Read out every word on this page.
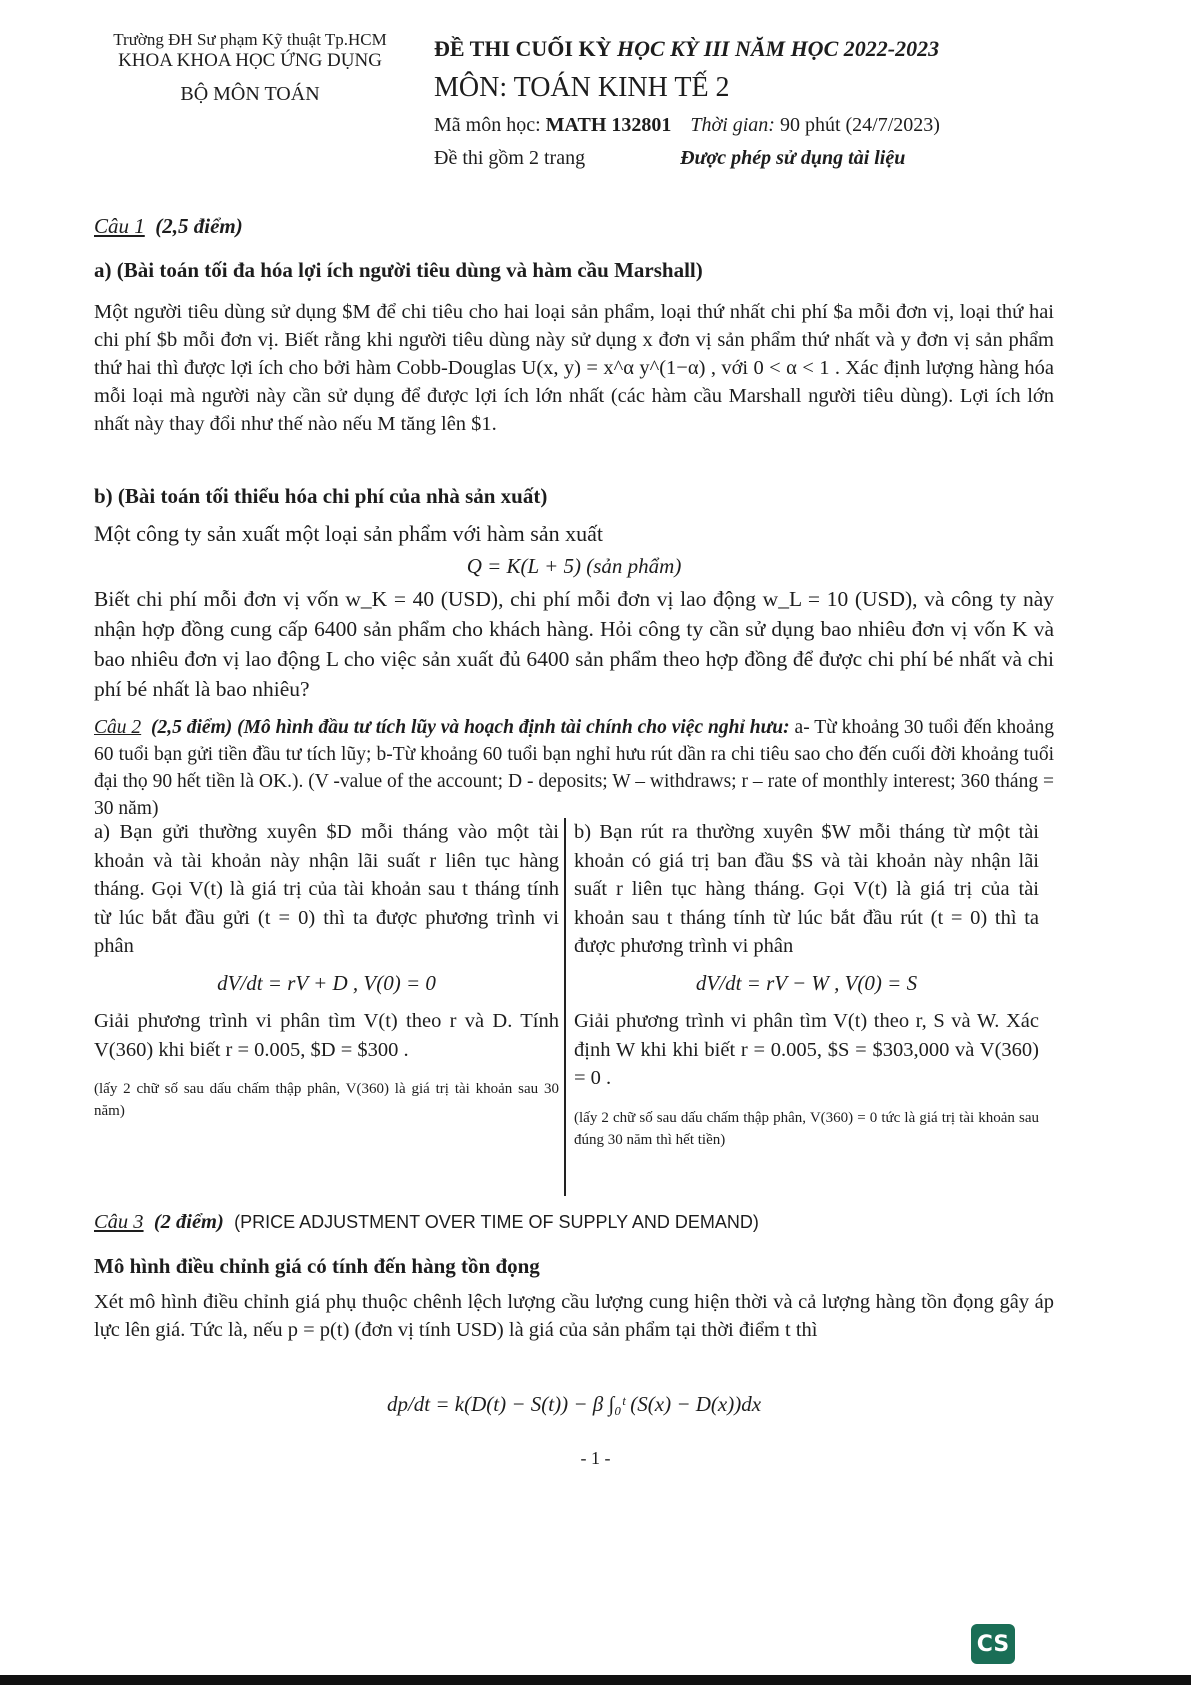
Trường ĐH Sư phạm Kỹ thuật Tp.HCM
KHOA KHOA HỌC ỨNG DỤNG
BỘ MÔN TOÁN
ĐỀ THI CUỐI KỲ HỌC KỲ III NĂM HỌC 2022-2023
MÔN: TOÁN KINH TẾ 2
Mã môn học: MATH 132801 Thời gian: 90 phút (24/7/2023)
Đề thi gồm 2 trang	Được phép sử dụng tài liệu
Câu 1 (2,5 điểm)
a) (Bài toán tối đa hóa lợi ích người tiêu dùng và hàm cầu Marshall)
Một người tiêu dùng sử dụng $M để chi tiêu cho hai loại sản phẩm, loại thứ nhất chi phí $a mỗi đơn vị, loại thứ hai chi phí $b mỗi đơn vị. Biết rằng khi người tiêu dùng này sử dụng x đơn vị sản phẩm thứ nhất và y đơn vị sản phẩm thứ hai thì được lợi ích cho bởi hàm Cobb-Douglas U(x, y) = x^α y^(1−α) , với 0 < α < 1 . Xác định lượng hàng hóa mỗi loại mà người này cần sử dụng để được lợi ích lớn nhất (các hàm cầu Marshall người tiêu dùng). Lợi ích lớn nhất này thay đổi như thế nào nếu M tăng lên $1.
b) (Bài toán tối thiểu hóa chi phí của nhà sản xuất)
Một công ty sản xuất một loại sản phẩm với hàm sản xuất
Q = K(L + 5) (sản phẩm)
Biết chi phí mỗi đơn vị vốn w_K = 40 (USD), chi phí mỗi đơn vị lao động w_L = 10 (USD), và công ty này nhận hợp đồng cung cấp 6400 sản phẩm cho khách hàng. Hỏi công ty cần sử dụng bao nhiêu đơn vị vốn K và bao nhiêu đơn vị lao động L cho việc sản xuất đủ 6400 sản phẩm theo hợp đồng để được chi phí bé nhất và chi phí bé nhất là bao nhiêu?
Câu 2 (2,5 điểm) (Mô hình đầu tư tích lũy và hoạch định tài chính cho việc nghỉ hưu: a- Từ khoảng 30 tuổi đến khoảng 60 tuổi bạn gửi tiền đầu tư tích lũy; b-Từ khoảng 60 tuổi bạn nghỉ hưu rút dần ra chi tiêu sao cho đến cuối đời khoảng tuổi đại thọ 90 hết tiền là OK.). (V -value of the account; D - deposits; W – withdraws; r – rate of monthly interest; 360 tháng = 30 năm)
a) Bạn gửi thường xuyên $D mỗi tháng vào một tài khoản và tài khoản này nhận lãi suất r liên tục hàng tháng. Gọi V(t) là giá trị của tài khoản sau t tháng tính từ lúc bắt đầu gửi (t = 0) thì ta được phương trình vi phân
dV/dt = rV + D , V(0) = 0
Giải phương trình vi phân tìm V(t) theo r và D. Tính V(360) khi biết r = 0.005, $D = $300 .
(lấy 2 chữ số sau dấu chấm thập phân, V(360) là giá trị tài khoản sau 30 năm)
b) Bạn rút ra thường xuyên $W mỗi tháng từ một tài khoản có giá trị ban đầu $S và tài khoản này nhận lãi suất r liên tục hàng tháng. Gọi V(t) là giá trị của tài khoản sau t tháng tính từ lúc bắt đầu rút (t = 0) thì ta được phương trình vi phân
dV/dt = rV − W , V(0) = S
Giải phương trình vi phân tìm V(t) theo r, S và W. Xác định W khi khi biết r = 0.005, $S = $303,000 và V(360) = 0 .
(lấy 2 chữ số sau dấu chấm thập phân, V(360) = 0 tức là giá trị tài khoản sau đúng 30 năm thì hết tiền)
Câu 3 (2 điểm) (PRICE ADJUSTMENT OVER TIME OF SUPPLY AND DEMAND)
Mô hình điều chỉnh giá có tính đến hàng tồn đọng
Xét mô hình điều chỉnh giá phụ thuộc chênh lệch lượng cầu lượng cung hiện thời và cả lượng hàng tồn đọng gây áp lực lên giá. Tức là, nếu p = p(t) (đơn vị tính USD) là giá của sản phẩm tại thời điểm t thì
dp/dt = k(D(t) − S(t)) − β ∫₀ᵗ (S(x) − D(x))dx
- 1 -
CS
